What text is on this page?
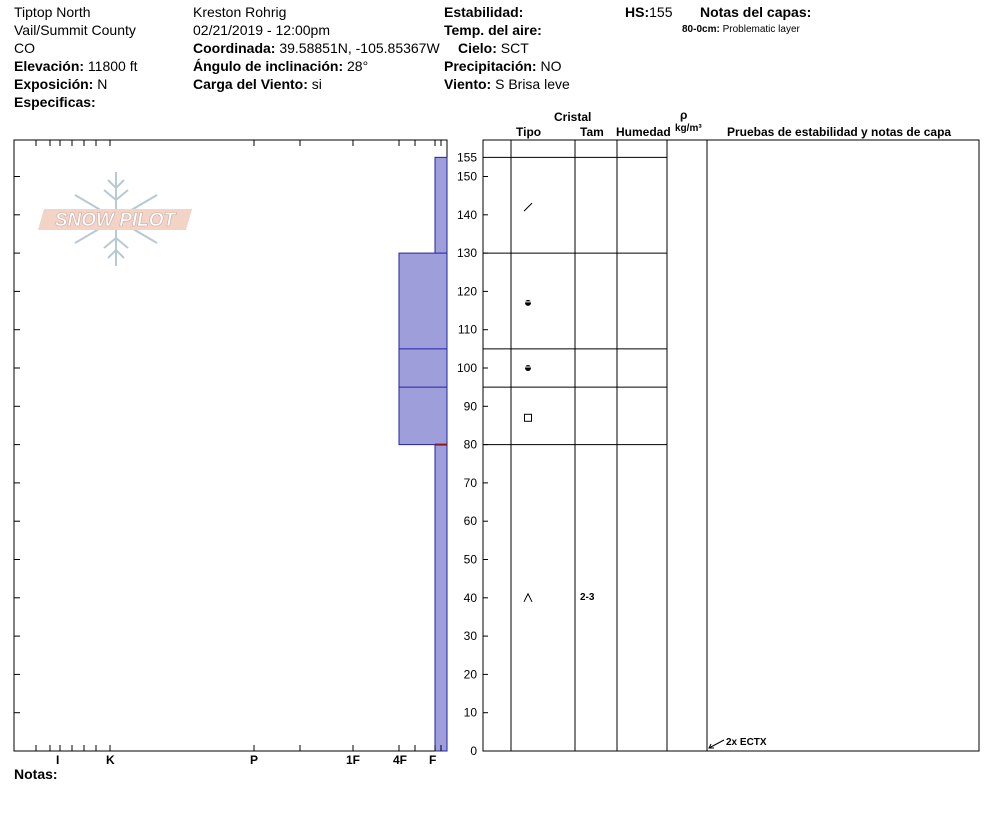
Tiptop North
Vail/Summit County
CO
Elevación: 11800 ft
Exposición: N
Especificas:
Kreston Rohrig
02/21/2019 - 12:00pm
Coordinada: 39.58851N, -105.85367W
Ángulo de inclinación: 28°
Carga del Viento: si
Estabilidad:
Temp. del aire:
Cielo: SCT
Precipitación: NO
Viento: S Brisa leve
HS:155 Notas del capas:
80-0cm: Problematic layer
Cristal
Tipo	Tam Humedad
ρ
kg/m³ Pruebas de estabilidad y notas de capa
SNOW PILOT
0
10
20
30
40
50
60
70
80
90
100
110
120
130
140
150
155
2x ECTX
2-3
I	K	P	1F	4F F
Notas:
